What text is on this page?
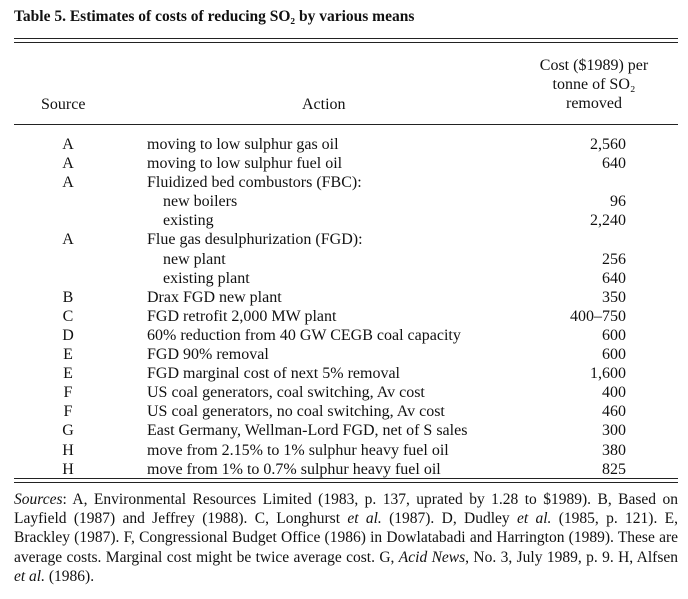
Table 5. Estimates of costs of reducing SO₂ by various means
Cost ($1989) per
tonne of SO₂
removed
Source	Action
A	moving to low sulphur gas oil	2,560
A	moving to low sulphur fuel oil	640
A	Fluidized bed combustors (FBC):
new boilers	96
existing	2,240
A	Flue gas desulphurization (FGD):
new plant	256
existing plant	640
B	Drax FGD new plant	350
C	FGD retrofit 2,000 MW plant	400–750
D	60% reduction from 40 GW CEGB coal capacity	600
E	FGD 90% removal	600
E	FGD marginal cost of next 5% removal	1,600
F	US coal generators, coal switching, Av cost	400
F	US coal generators, no coal switching, Av cost	460
G	East Germany, Wellman-Lord FGD, net of S sales	300
H	move from 2.15% to 1% sulphur heavy fuel oil	380
H	move from 1% to 0.7% sulphur heavy fuel oil	825
Sources: A, Environmental Resources Limited (1983, p. 137, uprated by 1.28 to $1989). B, Based on Layfield (1987) and Jeffrey (1988). C, Longhurst et al. (1987). D, Dudley et al. (1985, p. 121). E, Brackley (1987). F, Congressional Budget Office (1986) in Dowlatabadi and Harrington (1989). These are average costs. Marginal cost might be twice average cost. G, Acid News, No. 3, July 1989, p. 9. H, Alfsen et al. (1986).
